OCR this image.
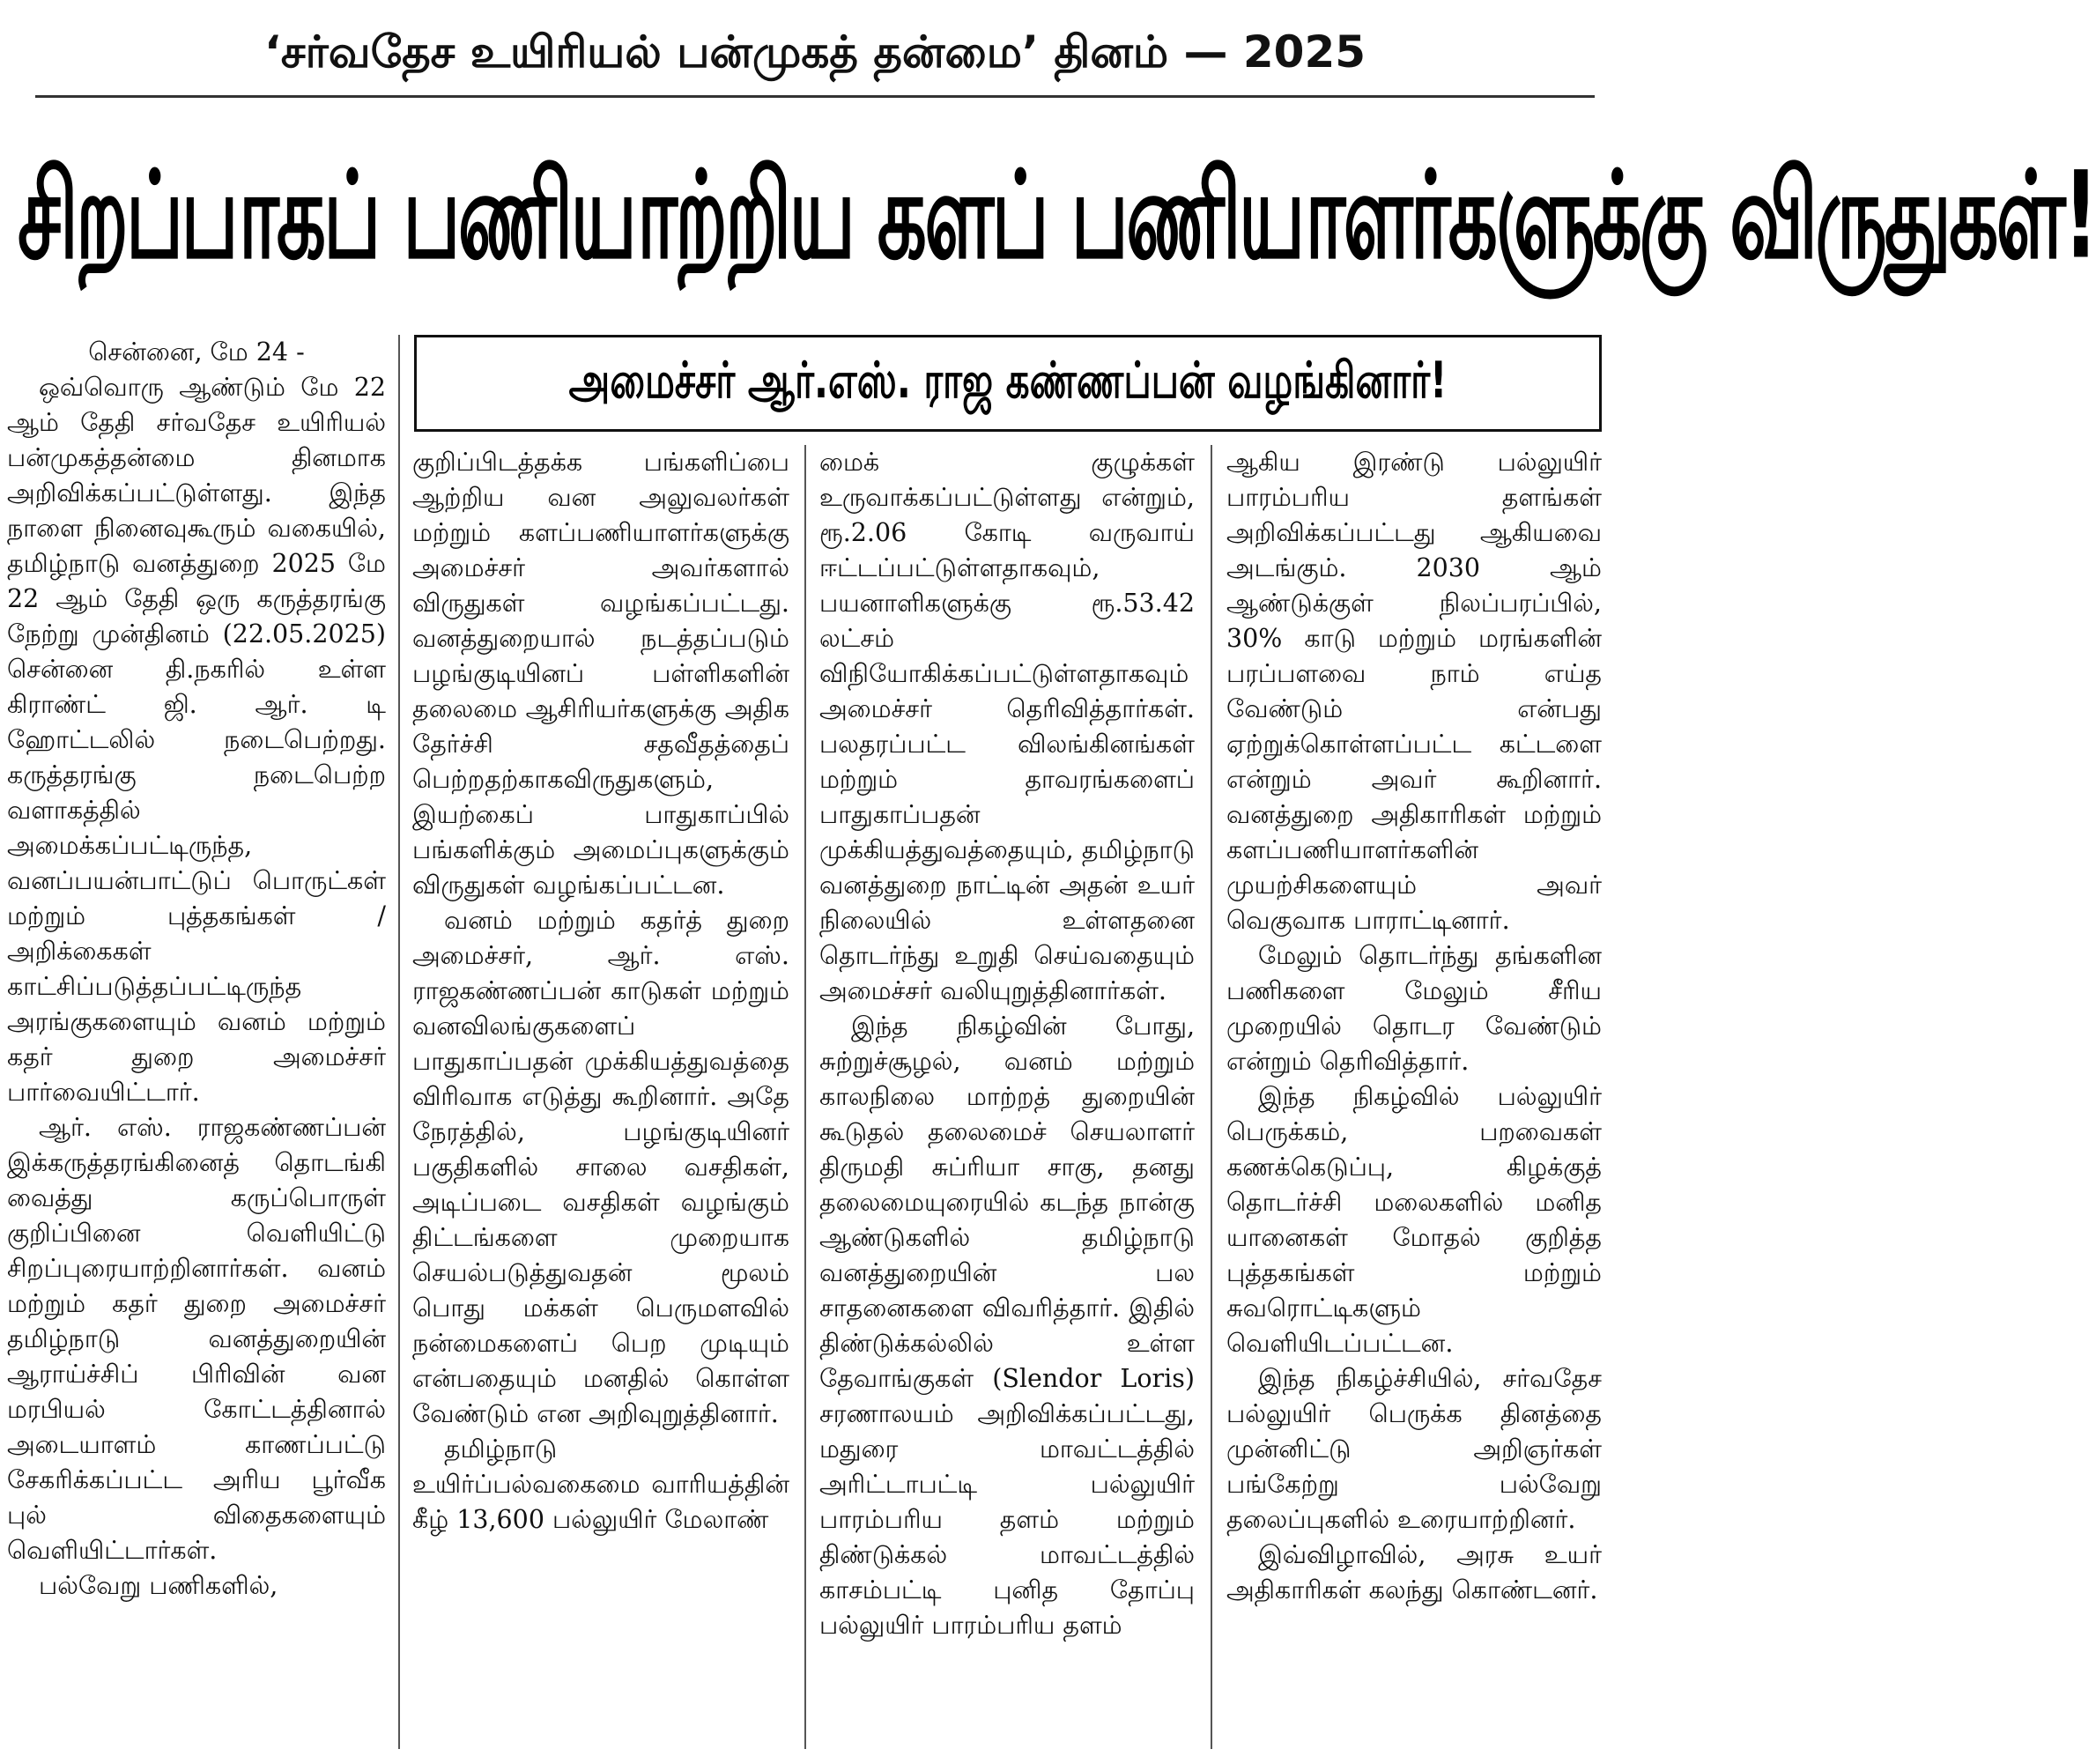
‘சர்வதேச உயிரியல் பன்முகத் தன்மை’ தினம் — 2025
சிறப்பாகப் பணியாற்றிய களப் பணியாளர்களுக்கு விருதுகள்!
அமைச்சர் ஆர்.எஸ். ராஜ கண்ணப்பன் வழங்கினார்!

சென்னை, மே 24 -

ஒவ்வொரு ஆண்டும் மே 22 ஆம் தேதி சர்வதேச உயிரியல் பன்முகத்தன்மை தினமாக அறிவிக்கப்பட்டுள்ளது. இந்த நாளை நினைவுகூரும் வகையில், தமிழ்நாடு வனத்துறை 2025 மே 22 ஆம் தேதி ஒரு கருத்தரங்கு நேற்று முன்தினம் (22.05.2025) சென்னை தி.நகரில் உள்ள கிராண்ட் ஜி. ஆர். டி ஹோட்டலில் நடைபெற்றது. கருத்தரங்கு நடைபெற்ற வளாகத்தில் அமைக்கப்பட்டிருந்த, வனப்பயன்பாட்டுப் பொருட்கள் மற்றும் புத்தகங்கள் / அறிக்கைகள் காட்சிப்படுத்தப்பட்டிருந்த அரங்குகளையும் வனம் மற்றும் கதர் துறை அமைச்சர் பார்வையிட்டார்.

ஆர். எஸ். ராஜகண்ணப்பன் இக்கருத்தரங்கினைத் தொடங்கி வைத்து கருப்பொருள் குறிப்பினை வெளியிட்டு சிறப்புரையாற்றினார்கள். வனம் மற்றும் கதர் துறை அமைச்சர் தமிழ்நாடு வனத்துறையின் ஆராய்ச்சிப் பிரிவின் வன மரபியல் கோட்டத்தினால் அடையாளம் காணப்பட்டு சேகரிக்கப்பட்ட அரிய பூர்வீக புல் விதைகளையும் வெளியிட்டார்கள்.

பல்வேறு பணிகளில்,

குறிப்பிடத்தக்க பங்களிப்பை ஆற்றிய வன அலுவலர்கள் மற்றும் களப்பணியாளர்களுக்கு அமைச்சர் அவர்களால் விருதுகள் வழங்கப்பட்டது. வனத்துறையால் நடத்தப்படும் பழங்குடியினப் பள்ளிகளின் தலைமை ஆசிரியர்களுக்கு அதிக தேர்ச்சி சதவீதத்தைப் பெற்றதற்காகவிருதுகளும், இயற்கைப் பாதுகாப்பில் பங்களிக்கும் அமைப்புகளுக்கும் விருதுகள் வழங்கப்பட்டன.

வனம் மற்றும் கதர்த் துறை அமைச்சர், ஆர். எஸ். ராஜகண்ணப்பன் காடுகள் மற்றும் வனவிலங்குகளைப் பாதுகாப்பதன் முக்கியத்துவத்தை விரிவாக எடுத்து கூறினார். அதே நேரத்தில், பழங்குடியினர் பகுதிகளில் சாலை வசதிகள், அடிப்படை வசதிகள் வழங்கும் திட்டங்களை முறையாக செயல்படுத்துவதன் மூலம் பொது மக்கள் பெருமளவில் நன்மைகளைப் பெற முடியும் என்பதையும் மனதில் கொள்ள வேண்டும் என அறிவுறுத்தினார்.

தமிழ்நாடு உயிர்ப்பல்வகைமை வாரியத்தின் கீழ் 13,600 பல்லுயிர் மேலாண்

மைக் குழுக்கள் உருவாக்கப்பட்டுள்ளது என்றும், ரூ.2.06 கோடி வருவாய் ஈட்டப்பட்டுள்ளதாகவும், பயனாளிகளுக்கு ரூ.53.42 லட்சம் விநியோகிக்கப்பட்டுள்ளதாகவும் அமைச்சர் தெரிவித்தார்கள். பலதரப்பட்ட விலங்கினங்கள் மற்றும் தாவரங்களைப் பாதுகாப்பதன் முக்கியத்துவத்தையும், தமிழ்நாடு வனத்துறை நாட்டின் அதன் உயர் நிலையில் உள்ளதனை தொடர்ந்து உறுதி செய்வதையும் அமைச்சர் வலியுறுத்தினார்கள்.

இந்த நிகழ்வின் போது, சுற்றுச்சூழல், வனம் மற்றும் காலநிலை மாற்றத் துறையின் கூடுதல் தலைமைச் செயலாளர் திருமதி சுப்ரியா சாகு, தனது தலைமையுரையில் கடந்த நான்கு ஆண்டுகளில் தமிழ்நாடு வனத்துறையின் பல சாதனைகளை விவரித்தார். இதில் திண்டுக்கல்லில் உள்ள தேவாங்குகள் (Slendor Loris) சரணாலயம் அறிவிக்கப்பட்டது, மதுரை மாவட்டத்தில் அரிட்டாபட்டி பல்லுயிர் பாரம்பரிய தளம் மற்றும் திண்டுக்கல் மாவட்டத்தில் காசம்பட்டி புனித தோப்பு பல்லுயிர் பாரம்பரிய தளம்

ஆகிய இரண்டு பல்லுயிர் பாரம்பரிய தளங்கள் அறிவிக்கப்பட்டது ஆகியவை அடங்கும். 2030 ஆம் ஆண்டுக்குள் நிலப்பரப்பில், 30% காடு மற்றும் மரங்களின் பரப்பளவை நாம் எய்த வேண்டும் என்பது ஏற்றுக்கொள்ளப்பட்ட கட்டளை என்றும் அவர் கூறினார். வனத்துறை அதிகாரிகள் மற்றும் களப்பணியாளர்களின் முயற்சிகளையும் அவர் வெகுவாக பாராட்டினார்.

மேலும் தொடர்ந்து தங்களின பணிகளை மேலும் சீரிய முறையில் தொடர வேண்டும் என்றும் தெரிவித்தார்.

இந்த நிகழ்வில் பல்லுயிர் பெருக்கம், பறவைகள் கணக்கெடுப்பு, கிழக்குத் தொடர்ச்சி மலைகளில் மனித யானைகள் மோதல் குறித்த புத்தகங்கள் மற்றும் சுவரொட்டிகளும் வெளியிடப்பட்டன.

இந்த நிகழ்ச்சியில், சர்வதேச பல்லுயிர் பெருக்க தினத்தை முன்னிட்டு அறிஞர்கள் பங்கேற்று பல்வேறு தலைப்புகளில் உரையாற்றினர்.

இவ்விழாவில், அரசு உயர் அதிகாரிகள் கலந்து கொண்டனர்.
